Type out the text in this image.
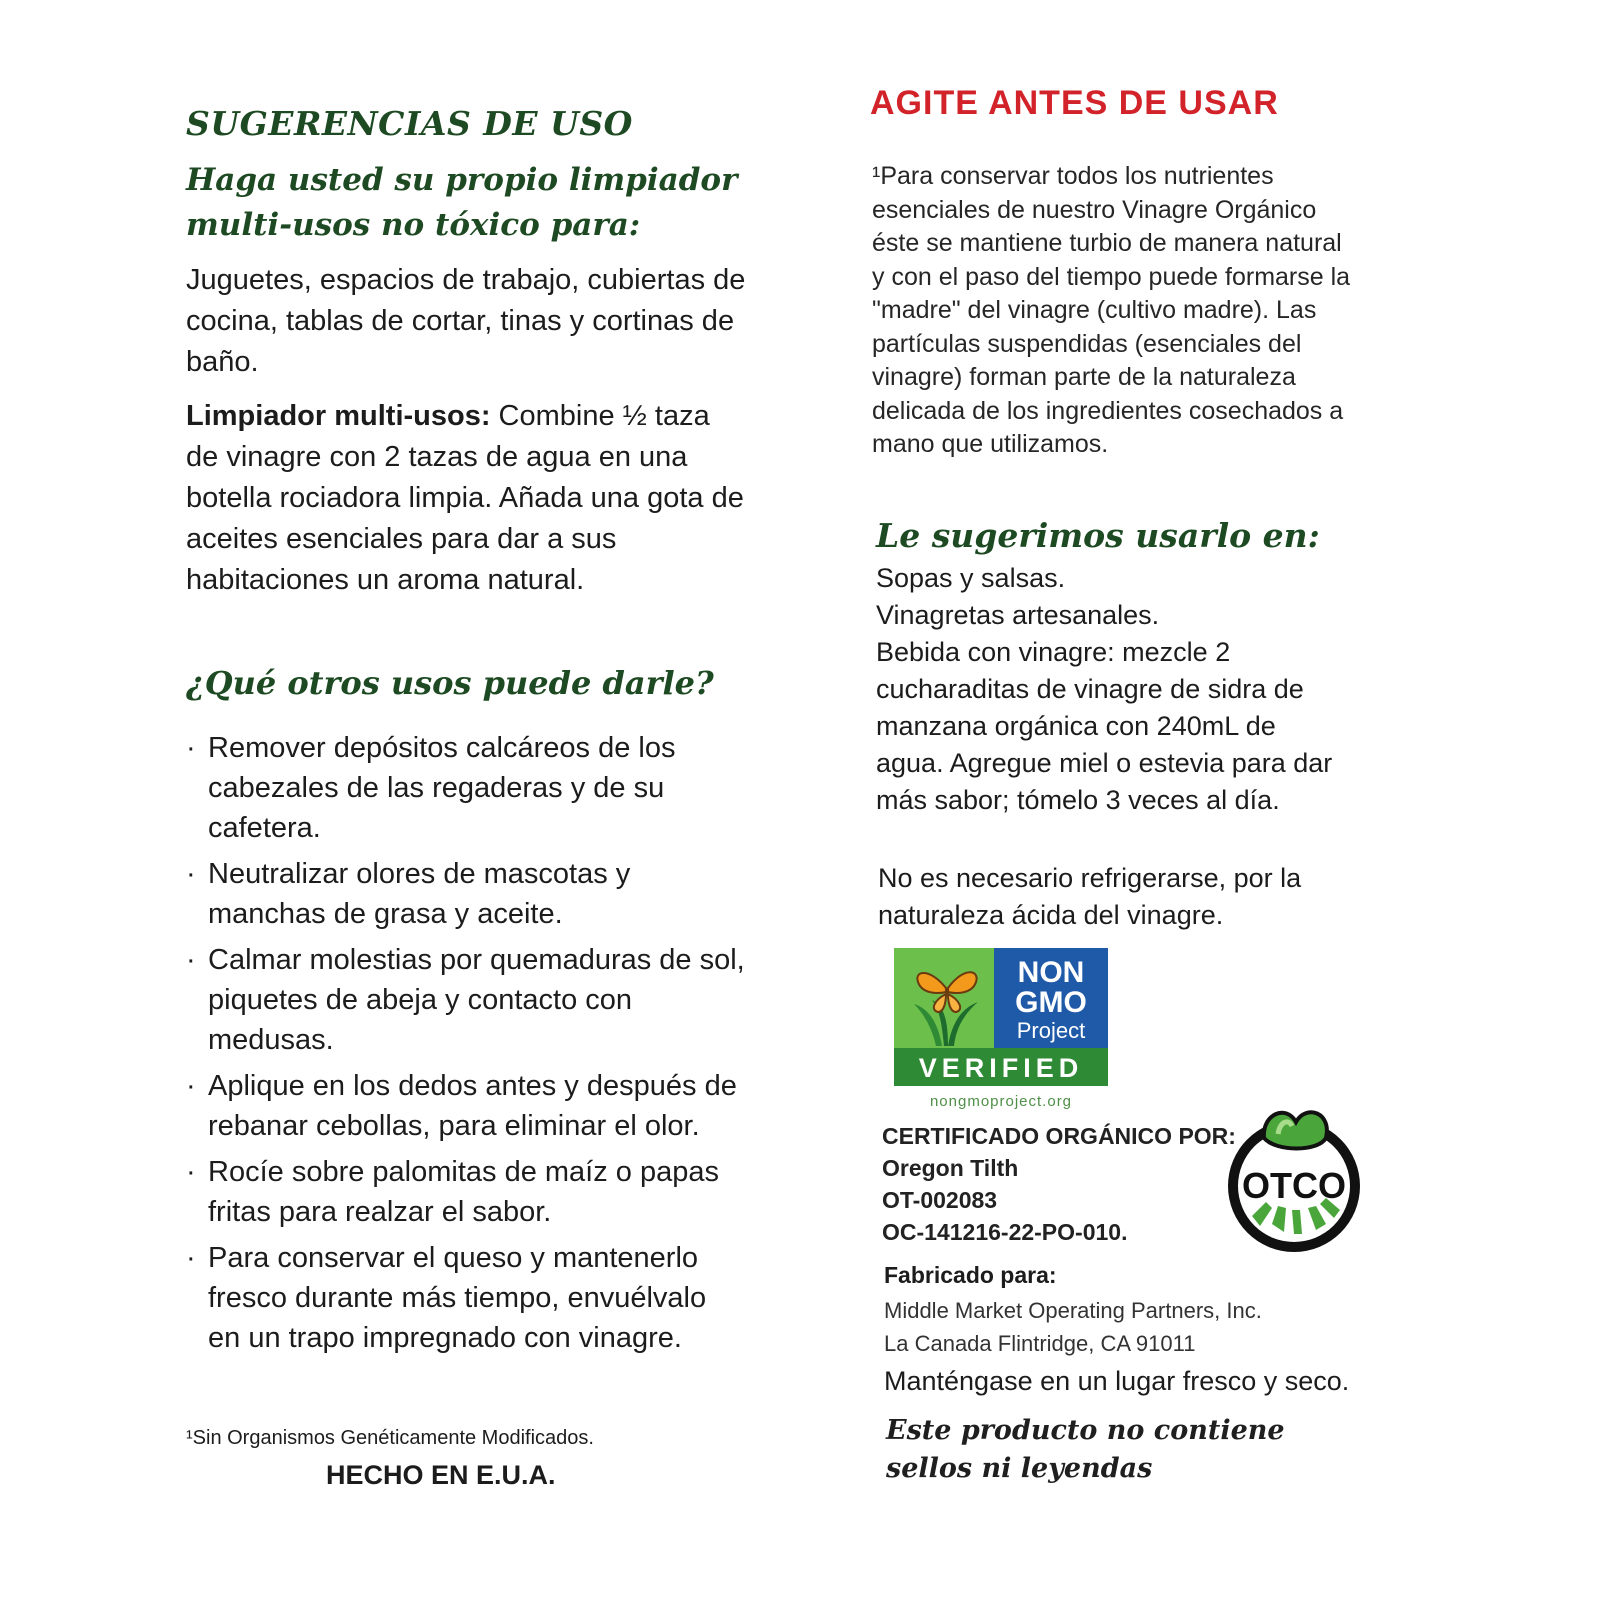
SUGERENCIAS DE USO
Haga usted su propio limpiador multi-usos no tóxico para:
Juguetes, espacios de trabajo, cubiertas de cocina, tablas de cortar, tinas y cortinas de baño.
Limpiador multi-usos: Combine ½ taza de vinagre con 2 tazas de agua en una botella rociadora limpia. Añada una gota de aceites esenciales para dar a sus habitaciones un aroma natural.
¿Qué otros usos puede darle?
· Remover depósitos calcáreos de los cabezales de las regaderas y de su cafetera.
· Neutralizar olores de mascotas y manchas de grasa y aceite.
· Calmar molestias por quemaduras de sol, piquetes de abeja y contacto con medusas.
· Aplique en los dedos antes y después de rebanar cebollas, para eliminar el olor.
· Rocíe sobre palomitas de maíz o papas fritas para realzar el sabor.
· Para conservar el queso y mantenerlo fresco durante más tiempo, envuélvalo en un trapo impregnado con vinagre.
¹Sin Organismos Genéticamente Modificados.
HECHO EN E.U.A.
AGITE ANTES DE USAR
¹Para conservar todos los nutrientes esenciales de nuestro Vinagre Orgánico éste se mantiene turbio de manera natural y con el paso del tiempo puede formarse la "madre" del vinagre (cultivo madre). Las partículas suspendidas (esenciales del vinagre) forman parte de la naturaleza delicada de los ingredientes cosechados a mano que utilizamos.
Le sugerimos usarlo en:
Sopas y salsas.
Vinagretas artesanales.
Bebida con vinagre: mezcle 2 cucharaditas de vinagre de sidra de manzana orgánica con 240mL de agua. Agregue miel o estevia para dar más sabor; tómelo 3 veces al día.
No es necesario refrigerarse, por la naturaleza ácida del vinagre.
NON
GMO
Project
VERIFIED
nongmoproject.org
CERTIFICADO ORGÁNICO POR:
Oregon Tilth
OT-002083
OC-141216-22-PO-010.
OTCO
Fabricado para:
Middle Market Operating Partners, Inc.
La Canada Flintridge, CA 91011
Manténgase en un lugar fresco y seco.
Este producto no contiene sellos ni leyendas
